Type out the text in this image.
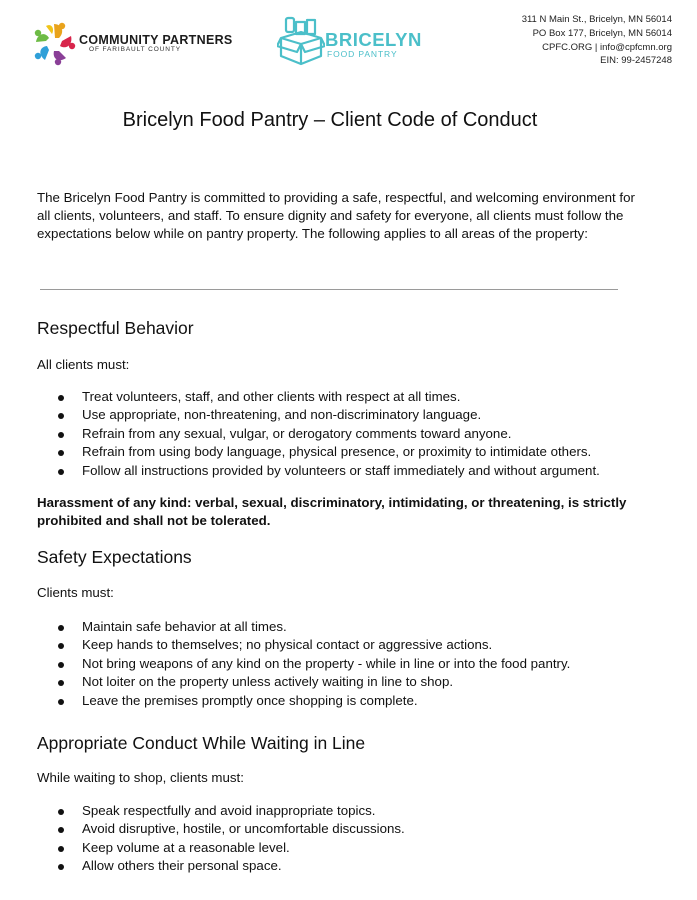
COMMUNITY PARTNERS
OF FARIBAULT COUNTY	BRICELYN
FOOD PANTRY
311 N Main St., Bricelyn, MN 56014
PO Box 177, Bricelyn, MN 56014
CPFC.ORG | info@cpfcmn.org
EIN: 99-2457248
Bricelyn Food Pantry – Client Code of Conduct
The Bricelyn Food Pantry is committed to providing a safe, respectful, and welcoming environment for all clients, volunteers, and staff. To ensure dignity and safety for everyone, all clients must follow the expectations below while on pantry property. The following applies to all areas of the property:
Respectful Behavior
All clients must:
Treat volunteers, staff, and other clients with respect at all times.
Use appropriate, non-threatening, and non-discriminatory language.
Refrain from any sexual, vulgar, or derogatory comments toward anyone.
Refrain from using body language, physical presence, or proximity to intimidate others.
Follow all instructions provided by volunteers or staff immediately and without argument.
Harassment of any kind: verbal, sexual, discriminatory, intimidating, or threatening, is strictly prohibited and shall not be tolerated.
Safety Expectations
Clients must:
Maintain safe behavior at all times.
Keep hands to themselves; no physical contact or aggressive actions.
Not bring weapons of any kind on the property - while in line or into the food pantry.
Not loiter on the property unless actively waiting in line to shop.
Leave the premises promptly once shopping is complete.
Appropriate Conduct While Waiting in Line
While waiting to shop, clients must:
Speak respectfully and avoid inappropriate topics.
Avoid disruptive, hostile, or uncomfortable discussions.
Keep volume at a reasonable level.
Allow others their personal space.
